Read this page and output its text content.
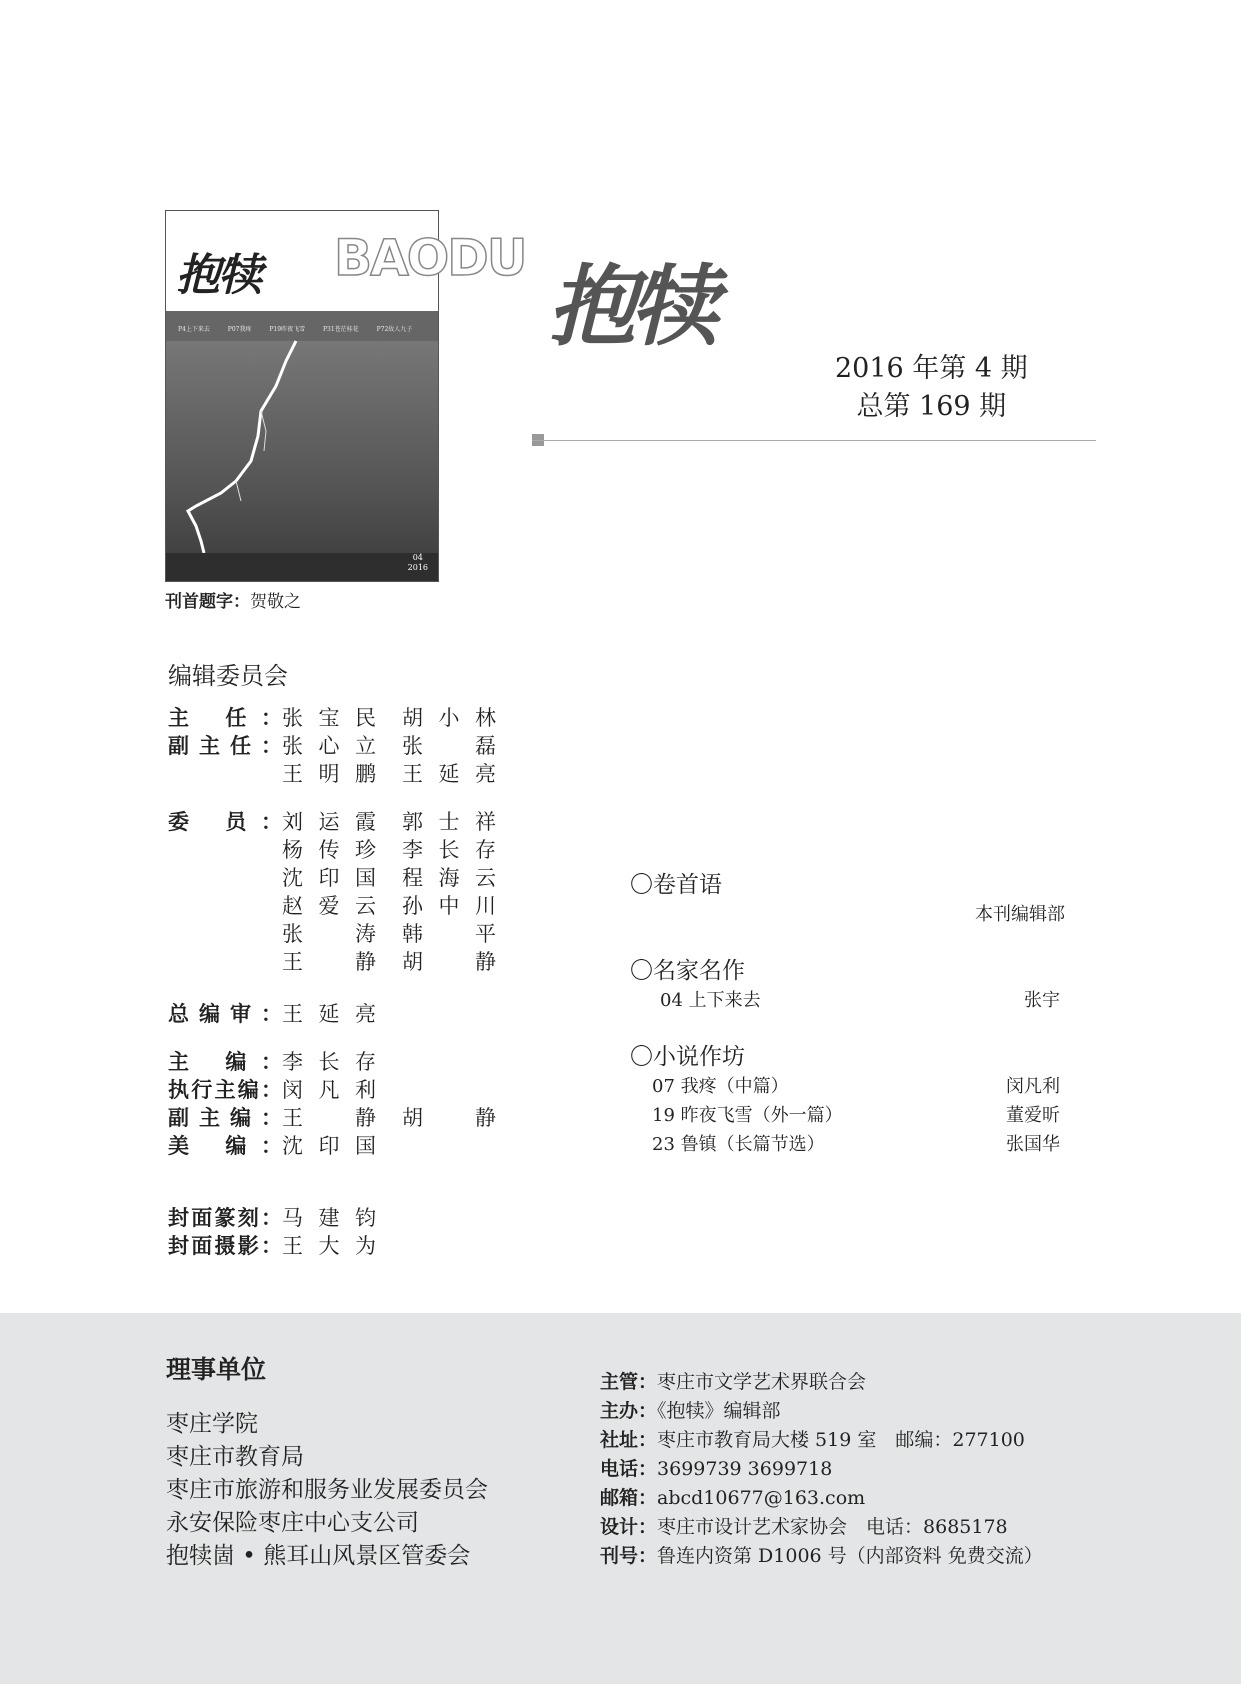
抱犊 BAODU
P4上下来去	P07我疼	P19昨夜飞雪	P31苍茫桂花	P72故人九子
04
2016
刊首题字：贺敬之
抱犊
2016 年第 4 期
总第 169 期
编辑委员会
主 任：张宝民 胡小林
副主任：张心立 张 磊
王明鹏 王延亮
委 员：刘运霞 郭士祥
杨传珍 李长存
沈印国 程海云
赵爱云 孙中川
张 涛 韩 平
王 静 胡 静
总编审：王延亮
主 编：李长存
执行主编：闵凡利
副主编：王 静 胡 静
美 编：沈印国
封面篆刻：马建钧
封面摄影：王大为
〇卷首语
本刊编辑部
〇名家名作
04 上下来去	张宇
〇小说作坊
07 我疼（中篇）	闵凡利
19 昨夜飞雪（外一篇）	董爱昕
23 鲁镇（长篇节选）	张国华
理事单位
枣庄学院
枣庄市教育局
枣庄市旅游和服务业发展委员会
永安保险枣庄中心支公司
抱犊崮 • 熊耳山风景区管委会
主管：枣庄市文学艺术界联合会
主办：《抱犊》编辑部
社址：枣庄市教育局大楼 519 室　邮编：277100
电话：3699739 3699718
邮箱：abcd10677@163.com
设计：枣庄市设计艺术家协会　电话：8685178
刊号：鲁连内资第 D1006 号（内部资料 免费交流）
